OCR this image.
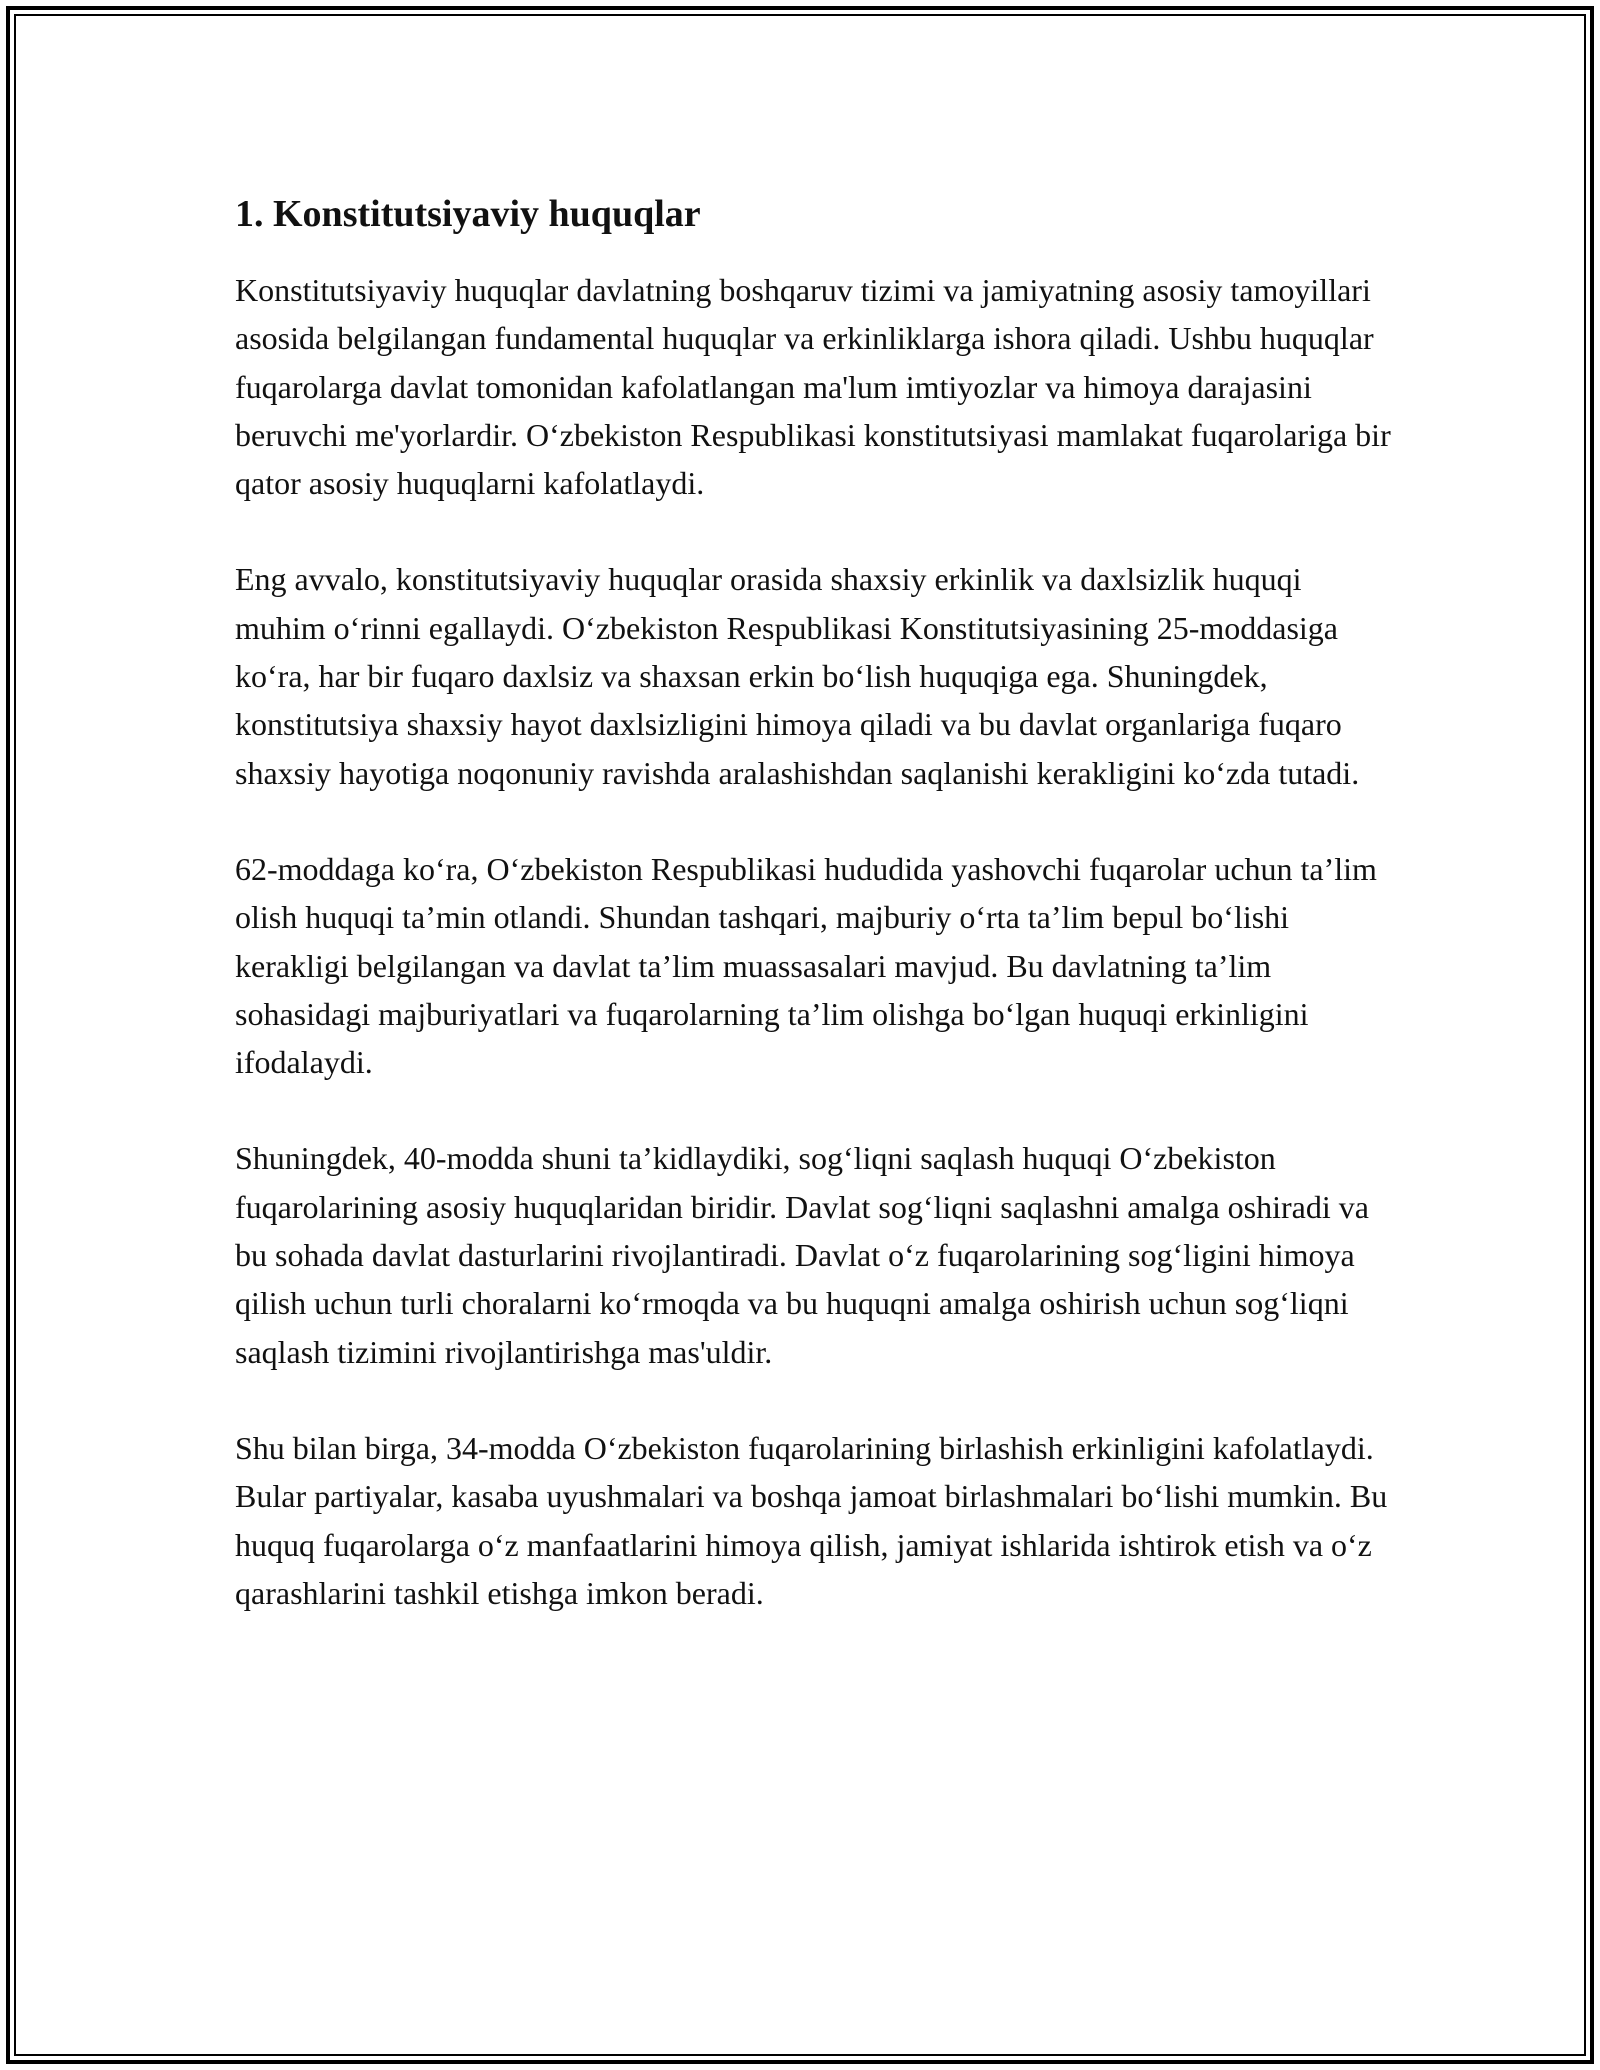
1. Konstitutsiyaviy huquqlar

Konstitutsiyaviy huquqlar davlatning boshqaruv tizimi va jamiyatning asosiy tamoyillari asosida belgilangan fundamental huquqlar va erkinliklarga ishora qiladi. Ushbu huquqlar fuqarolarga davlat tomonidan kafolatlangan ma'lum imtiyozlar va himoya darajasini beruvchi me'yorlardir. O‘zbekiston Respublikasi konstitutsiyasi mamlakat fuqarolariga bir qator asosiy huquqlarni kafolatlaydi.

Eng avvalo, konstitutsiyaviy huquqlar orasida shaxsiy erkinlik va daxlsizlik huquqi muhim o‘rinni egallaydi. O‘zbekiston Respublikasi Konstitutsiyasining 25-moddasiga ko‘ra, har bir fuqaro daxlsiz va shaxsan erkin bo‘lish huquqiga ega. Shuningdek, konstitutsiya shaxsiy hayot daxlsizligini himoya qiladi va bu davlat organlariga fuqaro shaxsiy hayotiga noqonuniy ravishda aralashishdan saqlanishi kerakligini ko‘zda tutadi.

62-moddaga ko‘ra, O‘zbekiston Respublikasi hududida yashovchi fuqarolar uchun ta’lim olish huquqi ta’min otlandi. Shundan tashqari, majburiy o‘rta ta’lim bepul bo‘lishi kerakligi belgilangan va davlat ta’lim muassasalari mavjud. Bu davlatning ta’lim sohasidagi majburiyatlari va fuqarolarning ta’lim olishga bo‘lgan huquqi erkinligini ifodalaydi.

Shuningdek, 40-modda shuni ta’kidlaydiki, sog‘liqni saqlash huquqi O‘zbekiston fuqarolarining asosiy huquqlaridan biridir. Davlat sog‘liqni saqlashni amalga oshiradi va bu sohada davlat dasturlarini rivojlantiradi. Davlat o‘z fuqarolarining sog‘ligini himoya qilish uchun turli choralarni ko‘rmoqda va bu huquqni amalga oshirish uchun sog‘liqni saqlash tizimini rivojlantirishga mas'uldir.

Shu bilan birga, 34-modda O‘zbekiston fuqarolarining birlashish erkinligini kafolatlaydi. Bular partiyalar, kasaba uyushmalari va boshqa jamoat birlashmalari bo‘lishi mumkin. Bu huquq fuqarolarga o‘z manfaatlarini himoya qilish, jamiyat ishlarida ishtirok etish va o‘z qarashlarini tashkil etishga imkon beradi.
